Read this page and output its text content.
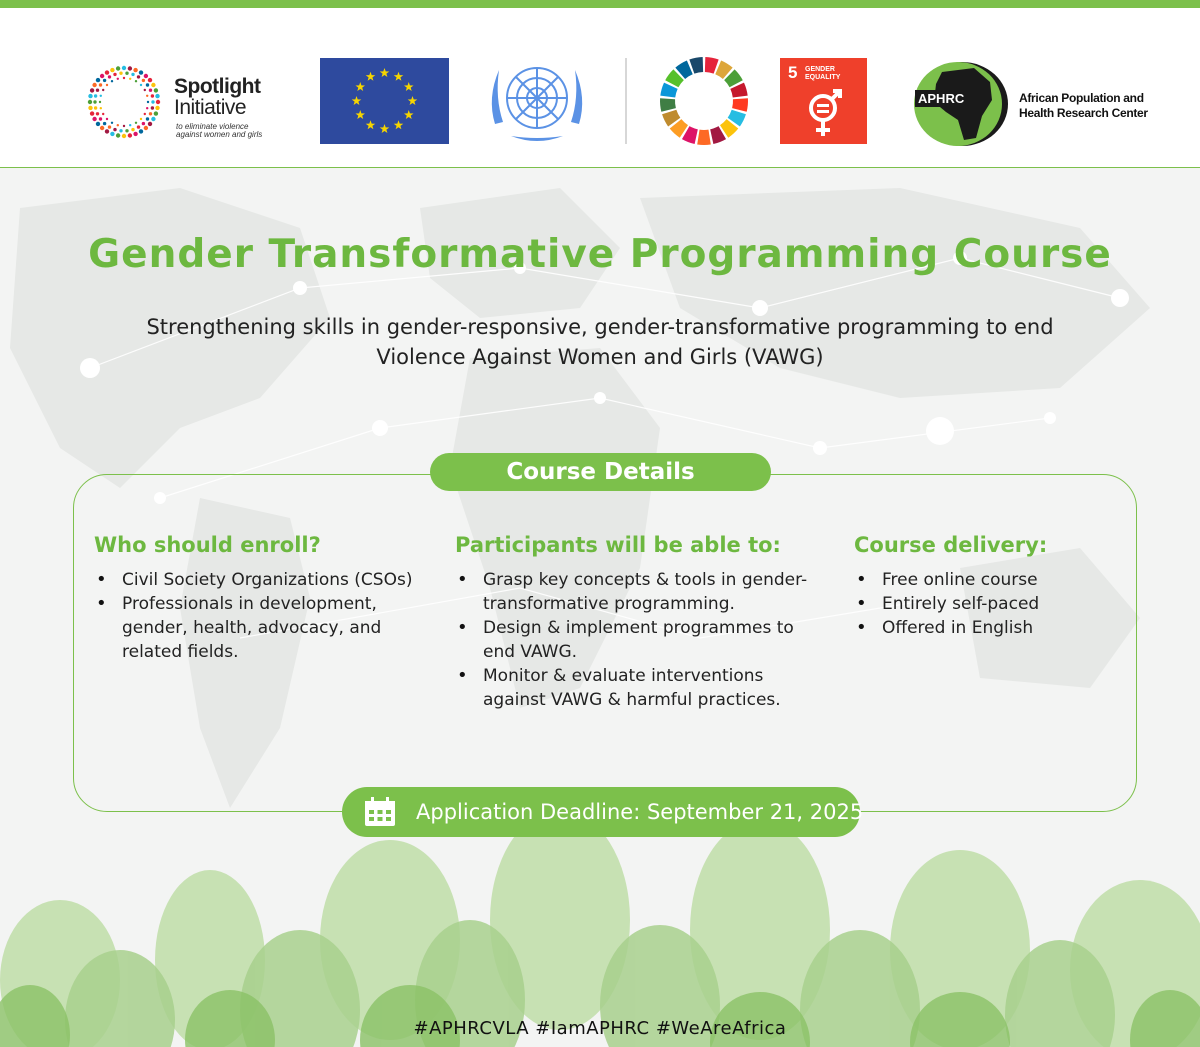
Spotlight
Initiative
to eliminate violence against women and girls
5 GENDER EQUALITY
APHRC	African Population and Health Research Center
Gender Transformative Programming Course

Strengthening skills in gender-responsive, gender-transformative programming to end Violence Against Women and Girls (VAWG)

Course Details
Who should enroll?
• Civil Society Organizations (CSOs)
• Professionals in development, gender, health, advocacy, and related fields.
Participants will be able to:
• Grasp key concepts & tools in gender-transformative programming.
• Design & implement programmes to end VAWG.
• Monitor & evaluate interventions against VAWG & harmful practices.
Course delivery:
• Free online course
• Entirely self-paced
• Offered in English
Application Deadline: September 21, 2025
#APHRCVLA #IamAPHRC #WeAreAfrica
